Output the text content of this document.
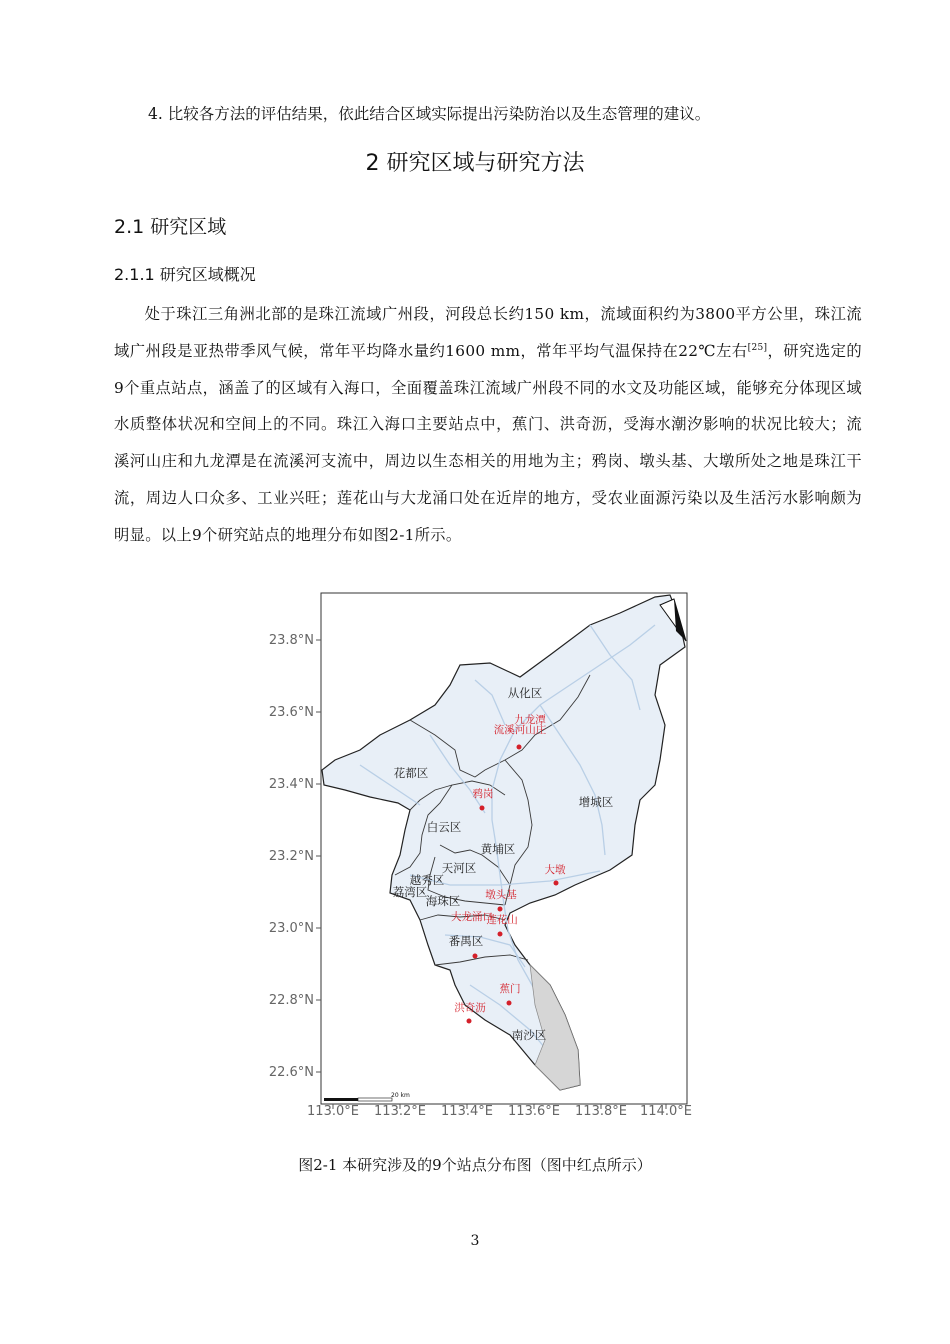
4. 比较各方法的评估结果，依此结合区域实际提出污染防治以及生态管理的建议。
2 研究区域与研究方法
2.1 研究区域
2.1.1 研究区域概况
处于珠江三角洲北部的是珠江流域广州段，河段总长约150 km，流域面积约为3800平方公里，珠江流域广州段是亚热带季风气候，常年平均降水量约1600 mm，常年平均气温保持在22℃左右[25]，研究选定的9个重点站点，涵盖了的区域有入海口，全面覆盖珠江流域广州段不同的水文及功能区域，能够充分体现区域水质整体状况和空间上的不同。珠江入海口主要站点中，蕉门、洪奇沥，受海水潮汐影响的状况比较大；流溪河山庄和九龙潭是在流溪河支流中，周边以生态相关的用地为主；鸦岗、墩头基、大墩所处之地是珠江干流，周边人口众多、工业兴旺；莲花山与大龙涌口处在近岸的地方，受农业面源污染以及生活污水影响颇为明显。以上9个研究站点的地理分布如图2-1所示。
20 km
23.8°N
23.6°N
23.4°N
23.2°N
23.0°N
22.8°N
22.6°N
113.0°E 113.2°E 113.4°E 113.6°E 113.8°E 114.0°E
从化区
花都区
增城区
白云区
黄埔区
天河区
越秀区
荔湾区
海珠区
番禺区
南沙区
九龙潭
流溪河山庄
鸦岗
大墩
墩头基
大龙涌口
莲花山
蕉门
洪奇沥
图2-1 本研究涉及的9个站点分布图（图中红点所示）
3
